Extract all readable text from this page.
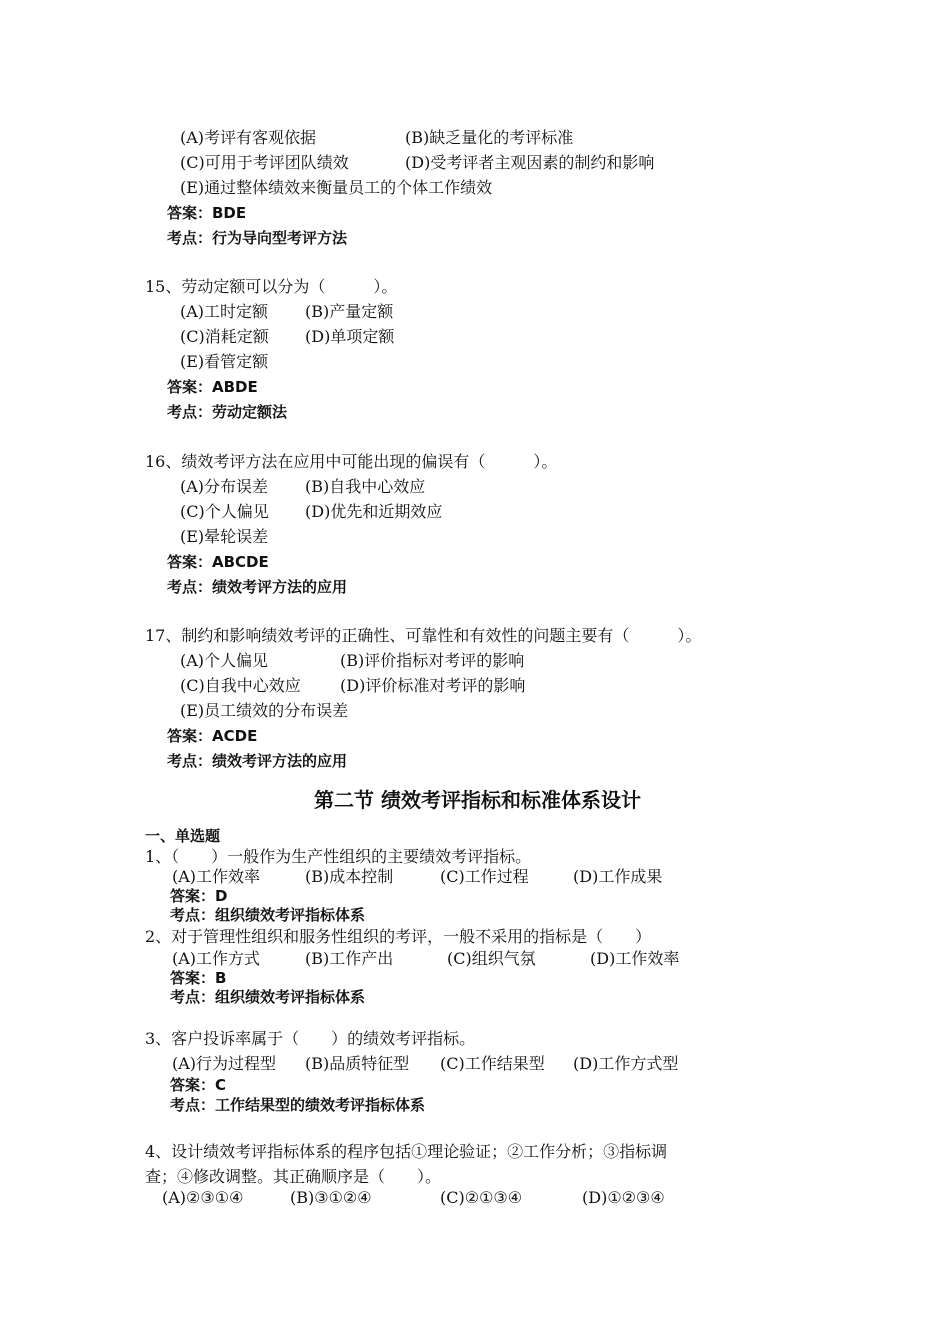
(A)考评有客观依据	(B)缺乏量化的考评标准
(C)可用于考评团队绩效	(D)受考评者主观因素的制约和影响
(E)通过整体绩效来衡量员工的个体工作绩效
答案：BDE
考点：行为导向型考评方法
15、劳动定额可以分为（　　　）。
(A)工时定额 (B)产量定额
(C)消耗定额 (D)单项定额
(E)看管定额
答案：ABDE
考点：劳动定额法
16、绩效考评方法在应用中可能出现的偏误有（　　　）。
(A)分布误差 (B)自我中心效应
(C)个人偏见 (D)优先和近期效应
(E)晕轮误差
答案：ABCDE
考点：绩效考评方法的应用
17、制约和影响绩效考评的正确性、可靠性和有效性的问题主要有（　　　）。
(A)个人偏见	(B)评价指标对考评的影响
(C)自我中心效应 (D)评价标准对考评的影响
(E)员工绩效的分布误差
答案：ACDE
考点：绩效考评方法的应用
第二节 绩效考评指标和标准体系设计
一、单选题
1、（　　）一般作为生产性组织的主要绩效考评指标。
(A)工作效率	(B)成本控制	(C)工作过程	(D)工作成果
答案：D
考点：组织绩效考评指标体系
2、对于管理性组织和服务性组织的考评，一般不采用的指标是（　　）
(A)工作方式	(B)工作产出	(C)组织气氛	(D)工作效率
答案：B
考点：组织绩效考评指标体系
3、客户投诉率属于（　　）的绩效考评指标。
(A)行为过程型 (B)品质特征型 (C)工作结果型 (D)工作方式型
答案：C
考点：工作结果型的绩效考评指标体系
4、设计绩效考评指标体系的程序包括①理论验证；②工作分析；③指标调
查；④修改调整。其正确顺序是（　　）。
(A)②③①④	(B)③①②④	(C)②①③④	(D)①②③④
